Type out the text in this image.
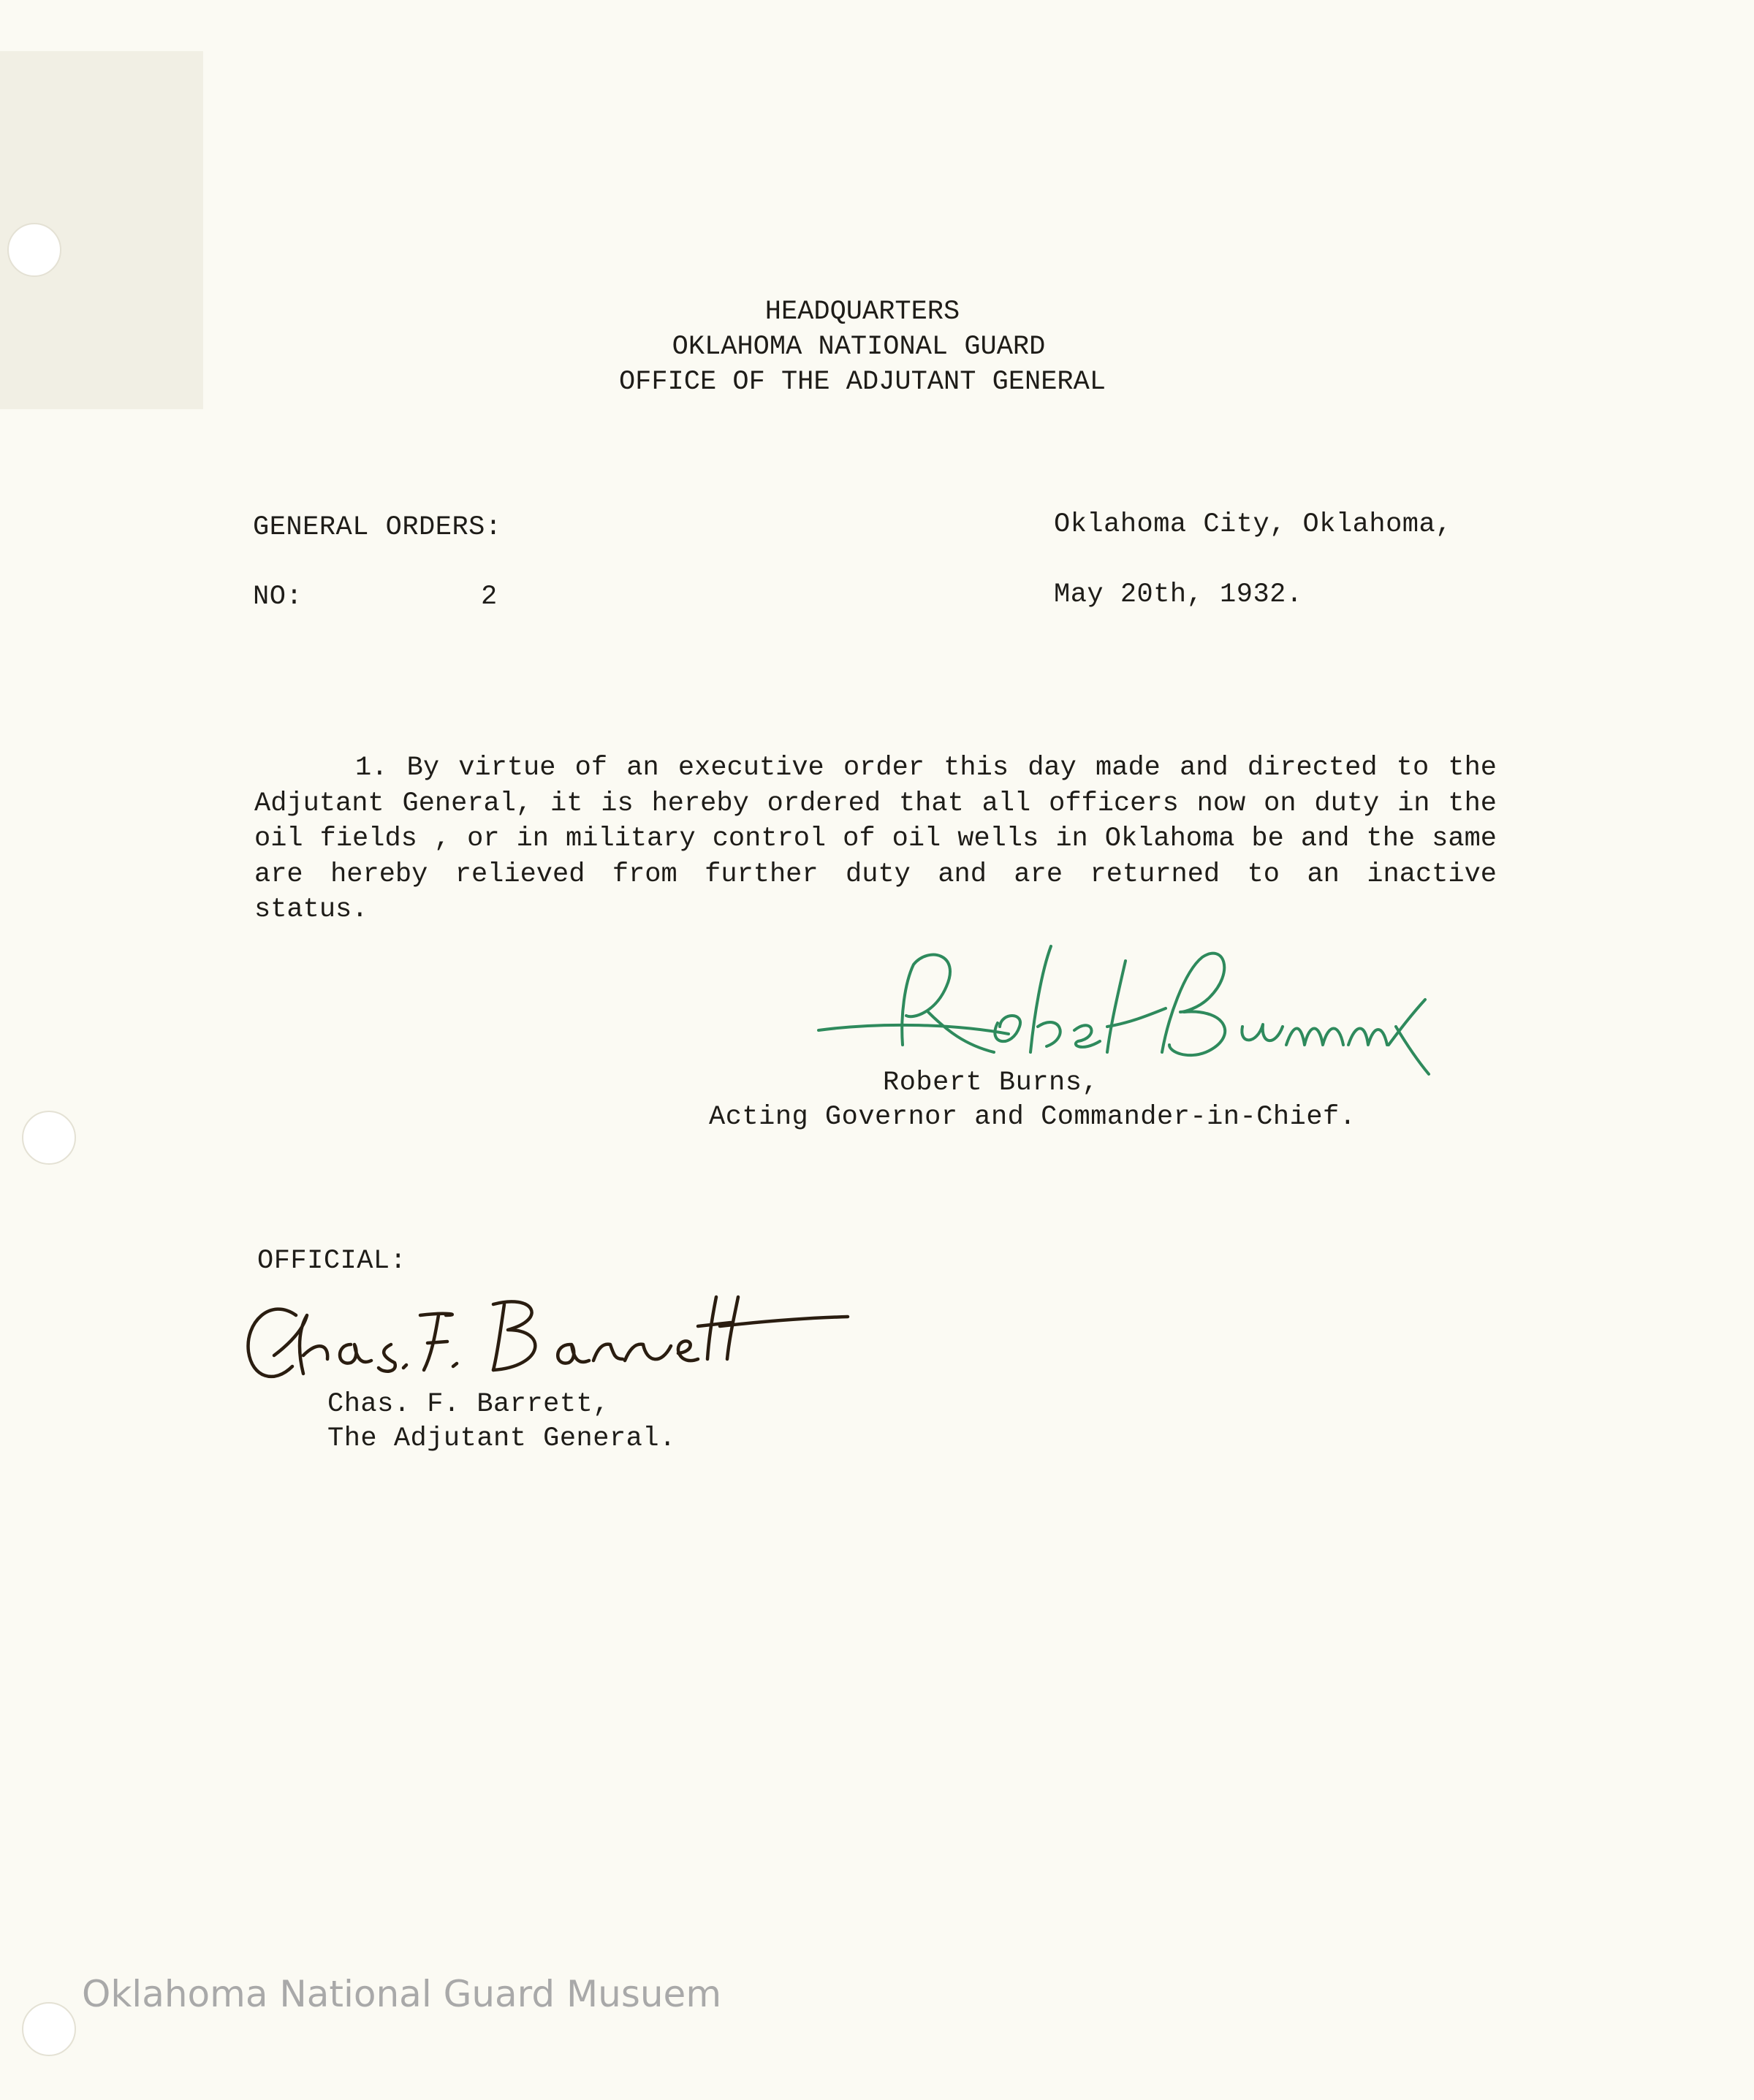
HEADQUARTERS
OKLAHOMA NATIONAL GUARD
OFFICE OF THE ADJUTANT GENERAL
GENERAL ORDERS:
NO:	2
Oklahoma City, Oklahoma,
May 20th, 1932.
1. By virtue of an executive order this day made and directed to the Adjutant General, it is hereby ordered that all officers now on duty in the oil fields , or in military control of oil wells in Oklahoma be and the same are hereby relieved from further duty and are returned to an inactive status.
Robert Burns,
Acting Governor and Commander-in-Chief.
OFFICIAL:
Chas. F. Barrett,
The Adjutant General.
Oklahoma National Guard Musuem
